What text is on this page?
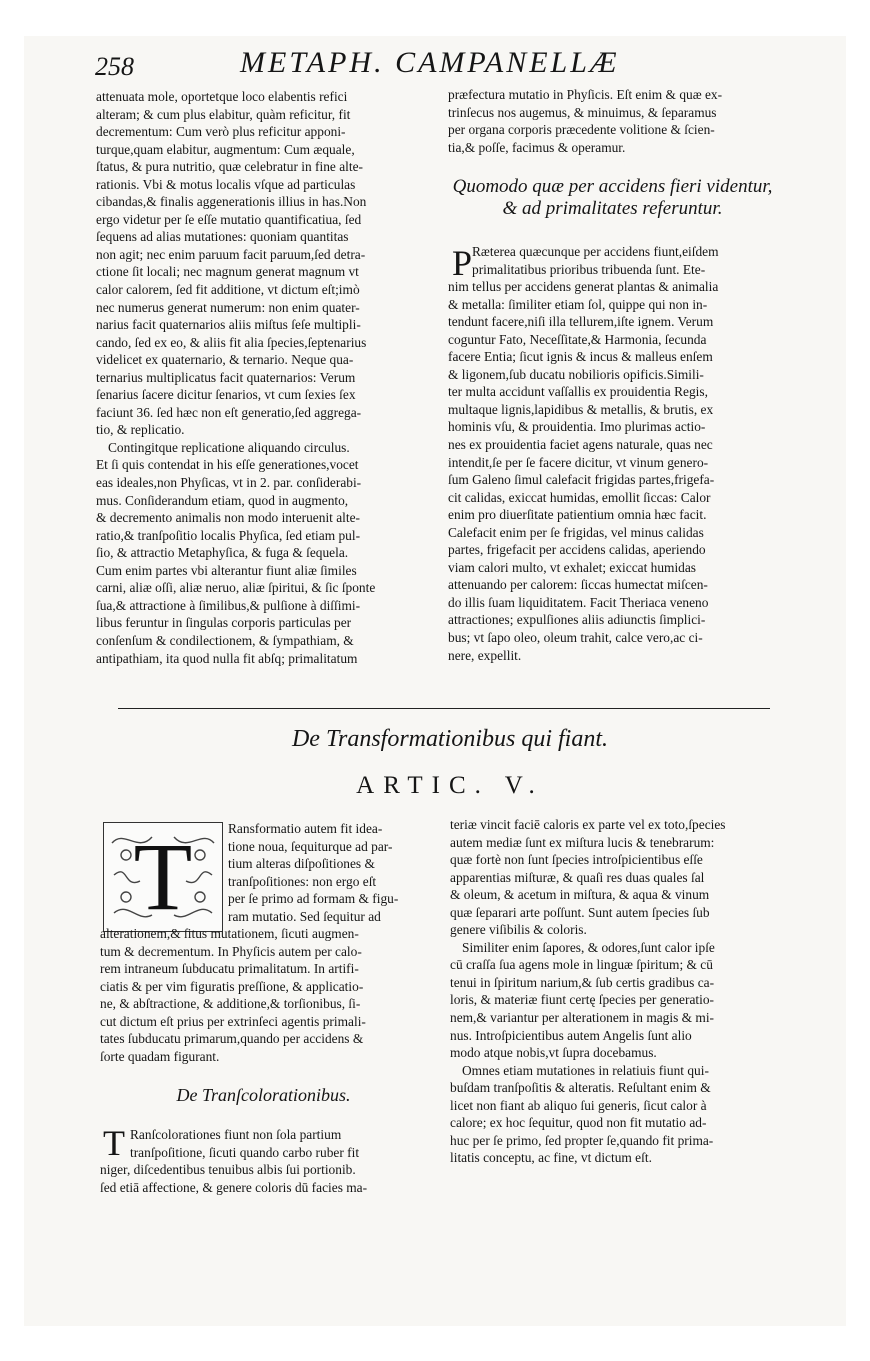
258	METAPH. CAMPANELLÆ
attenuata mole, oportetque loco elabentis refici
alteram; & cum plus elabitur, quàm reficitur, fit
decrementum: Cum verò plus reficitur apponi-
turque,quam elabitur, augmentum: Cum æquale,
ſtatus, & pura nutritio, quæ celebratur in fine alte-
rationis. Vbi & motus localis vſque ad particulas
cibandas,& finalis aggenerationis illius in has.Non
ergo videtur per ſe eſſe mutatio quantificatiua, ſed
ſequens ad alias mutationes: quoniam quantitas
non agit; nec enim paruum facit paruum,ſed detra-
ctione ſit locali; nec magnum generat magnum vt
calor calorem, ſed fit additione, vt dictum eſt;imò
nec numerus generat numerum: non enim quater-
narius facit quaternarios aliis miſtus ſeſe multipli-
cando, ſed ex eo, & aliis fit alia ſpecies,ſeptenarius
videlicet ex quaternario, & ternario. Neque qua-
ternarius multiplicatus facit quaternarios: Verum
ſenarius ſacere dicitur ſenarios, vt cum ſexies ſex
faciunt 36. ſed hæc non eſt generatio,ſed aggrega-
tio, & replicatio.
Contingitque replicatione aliquando circulus.
Et ſi quis contendat in his eſſe generationes,vocet
eas ideales,non Phyſicas, vt in 2. par. conſiderabi-
mus. Conſiderandum etiam, quod in augmento,
& decremento animalis non modo interuenit alte-
ratio,& tranſpoſitio localis Phyſica, ſed etiam pul-
ſio, & attractio Metaphyſica, & fuga & ſequela.
Cum enim partes vbi alterantur fiunt aliæ ſimiles
carni, aliæ oſſi, aliæ neruo, aliæ ſpiritui, & ſic ſponte
ſua,& attractione à ſimilibus,& pulſione à diſſimi-
libus feruntur in ſingulas corporis particulas per
conſenſum & condilectionem, & ſympathiam, &
antipathiam, ita quod nulla fit abſq; primalitatum
præfectura mutatio in Phyſicis. Eſt enim & quæ ex-
trinſecus nos augemus, & minuimus, & ſeparamus
per organa corporis præcedente volitione & ſcien-
tia,& poſſe, facimus & operamur.
Quomodo quæ per accidens fieri videntur,
& ad primalitates referuntur.
P Ræterea quæcunque per accidens fiunt,eiſdem
primalitatibus prioribus tribuenda ſunt. Ete-
nim tellus per accidens generat plantas & animalia
& metalla: ſimiliter etiam ſol, quippe qui non in-
tendunt facere,niſi illa tellurem,iſte ignem. Verum
coguntur Fato, Neceſſitate,& Harmonia, ſecunda
facere Entia; ſicut ignis & incus & malleus enſem
& ligonem,ſub ducatu nobilioris opificis.Simili-
ter multa accidunt vaſſallis ex prouidentia Regis,
multaque lignis,lapidibus & metallis, & brutis, ex
hominis vſu, & prouidentia. Imo plurimas actio-
nes ex prouidentia faciet agens naturale, quas nec
intendit,ſe per ſe facere dicitur, vt vinum genero-
ſum Galeno ſimul calefacit frigidas partes,frigefa-
cit calidas, exiccat humidas, emollit ſiccas: Calor
enim pro diuerſitate patientium omnia hæc facit.
Calefacit enim per ſe frigidas, vel minus calidas
partes, frigefacit per accidens calidas, aperiendo
viam calori multo, vt exhalet; exiccat humidas
attenuando per calorem: ſiccas humectat miſcen-
do illis ſuam liquiditatem. Facit Theriaca veneno
attractiones; expulſiones aliis adiunctis ſimplici-
bus; vt ſapo oleo, oleum trahit, calce vero,ac ci-
nere, expellit.
De Transformationibus qui fiant.
ARTIC. V.
T	Ransformatio autem fit idea-
tione noua, ſequiturque ad par-
tium alteras diſpoſitiones &
tranſpoſitiones: non ergo eſt
per ſe primo ad formam & figu-
ram mutatio. Sed ſequitur ad
alterationem,& ſitus mutationem, ſicuti augmen-
tum & decrementum. In Phyſicis autem per calo-
rem intraneum ſubducatu primalitatum. In artifi-
ciatis & per vim figuratis preſſione, & applicatio-
ne, & abſtractione, & additione,& torſionibus, ſi-
cut dictum eſt prius per extrinſeci agentis primali-
tates ſubducatu primarum,quando per accidens &
ſorte quadam figurant.
De Tranſcolorationibus.
T Ranſcolorationes fiunt non ſola partium
tranſpoſitione, ſicuti quando carbo ruber fit
niger, diſcedentibus tenuibus albis ſui portionib.
ſed etiā affectione, & genere coloris dū facies ma-
teriæ vincit faciē caloris ex parte vel ex toto,ſpecies
autem mediæ ſunt ex miſtura lucis & tenebrarum:
quæ fortè non ſunt ſpecies introſpicientibus eſſe
apparentias miſturæ, & quaſi res duas quales ſal
& oleum, & acetum in miſtura, & aqua & vinum
quæ ſeparari arte poſſunt. Sunt autem ſpecies ſub
genere viſibilis & coloris.
Similiter enim ſapores, & odores,ſunt calor ipſe
cū craſſa ſua agens mole in linguæ ſpiritum; & cū
tenui in ſpiritum narium,& ſub certis gradibus ca-
loris, & materiæ fiunt certę ſpecies per generatio-
nem,& variantur per alterationem in magis & mi-
nus. Introſpicientibus autem Angelis ſunt alio
modo atque nobis,vt ſupra docebamus.
Omnes etiam mutationes in relatiuis fiunt qui-
buſdam tranſpoſitis & alteratis. Reſultant enim &
licet non fiant ab aliquo ſui generis, ſicut calor à
calore; ex hoc ſequitur, quod non fit mutatio ad-
huc per ſe primo, ſed propter ſe,quando fit prima-
litatis conceptu, ac fine, vt dictum eſt.
